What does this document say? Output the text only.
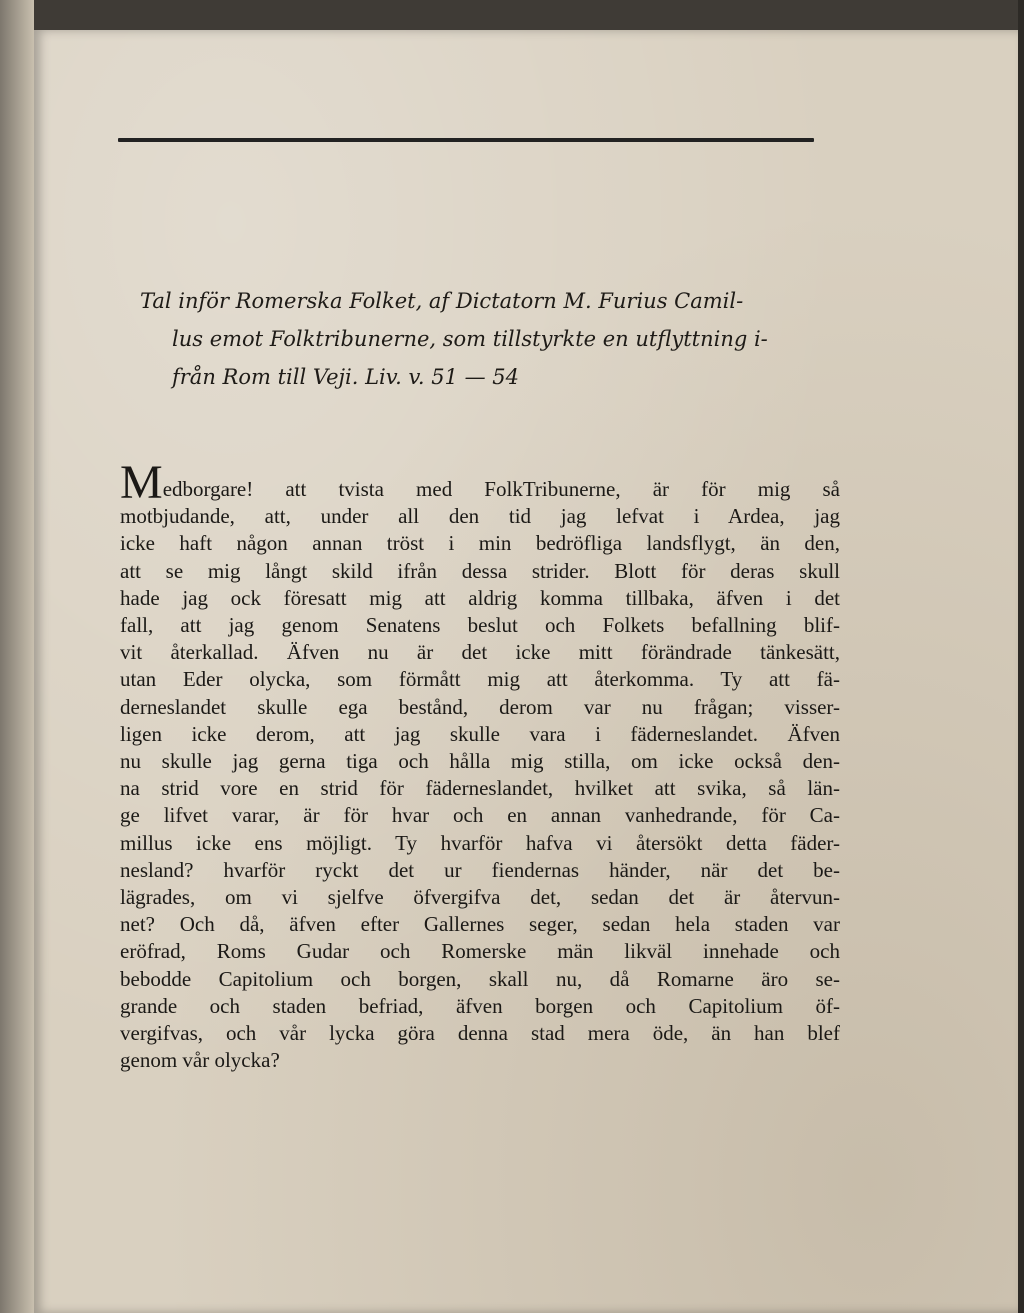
Tal inför Romerska Folket, af Dictatorn M. Furius Camil-
lus emot Folktribunerne, som tillstyrkte en utflyttning i-
från Rom till Veji. Liv. v. 51 — 54
Medborgare! att tvista med FolkTribunerne, är för mig så
motbjudande, att, under all den tid jag lefvat i Ardea, jag
icke haft någon annan tröst i min bedröfliga landsflygt, än den,
att se mig långt skild ifrån dessa strider. Blott för deras skull
hade jag ock föresatt mig att aldrig komma tillbaka, äfven i det
fall, att jag genom Senatens beslut och Folkets befallning blif-
vit återkallad. Äfven nu är det icke mitt förändrade tänkesätt,
utan Eder olycka, som förmått mig att återkomma. Ty att fä-
derneslandet skulle ega bestånd, derom var nu frågan; visser-
ligen icke derom, att jag skulle vara i fäderneslandet. Äfven
nu skulle jag gerna tiga och hålla mig stilla, om icke också den-
na strid vore en strid för fäderneslandet, hvilket att svika, så län-
ge lifvet varar, är för hvar och en annan vanhedrande, för Ca-
millus icke ens möjligt. Ty hvarför hafva vi återsökt detta fäder-
nesland? hvarför ryckt det ur fiendernas händer, när det be-
lägrades, om vi sjelfve öfvergifva det, sedan det är återvun-
net? Och då, äfven efter Gallernes seger, sedan hela staden var
eröfrad, Roms Gudar och Romerske män likväl innehade och
bebodde Capitolium och borgen, skall nu, då Romarne äro se-
grande och staden befriad, äfven borgen och Capitolium öf-
vergifvas, och vår lycka göra denna stad mera öde, än han blef
genom vår olycka?
